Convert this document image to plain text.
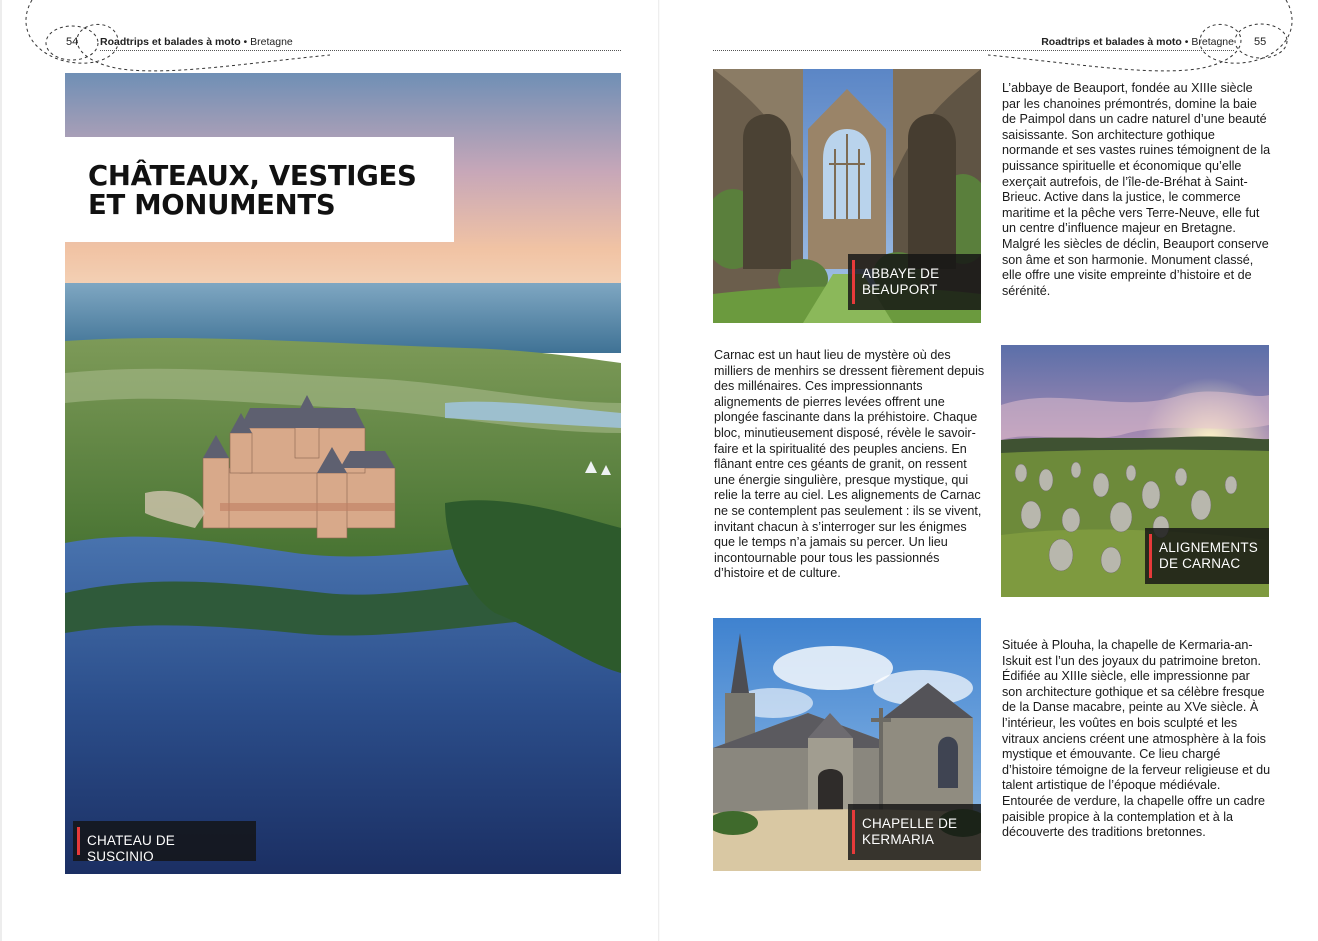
54 Roadtrips et balades à moto • Bretagne	Roadtrips et balades à moto • Bretagne 55
CHÂTEAUX, VESTIGES
ET MONUMENTS
CHATEAU DE SUSCINIO
ABBAYE DE
BEAUPORT
L’abbaye de Beauport, fondée au XIIIe siècle par les chanoines prémontrés, domine la baie de Paimpol dans un cadre naturel d’une beauté saisissante. Son architecture gothique normande et ses vastes ruines témoignent de la puissance spirituelle et économique qu’elle exerçait autrefois, de l’île-de-Bréhat à Saint-Brieuc. Active dans la justice, le commerce maritime et la pêche vers Terre-Neuve, elle fut un centre d’influence majeur en Bretagne. Malgré les siècles de déclin, Beauport conserve son âme et son harmonie. Monument classé, elle offre une visite empreinte d’histoire et de sérénité.
Carnac est un haut lieu de mystère où des milliers de menhirs se dressent fièrement depuis des millénaires. Ces impressionnants alignements de pierres levées offrent une plongée fascinante dans la préhistoire. Chaque bloc, minutieusement disposé, révèle le savoir-faire et la spiritualité des peuples anciens. En flânant entre ces géants de granit, on ressent une énergie singulière, presque mystique, qui relie la terre au ciel. Les alignements de Carnac ne se contemplent pas seulement : ils se vivent, invitant chacun à s’interroger sur les énigmes que le temps n’a jamais su percer. Un lieu incontournable pour tous les passionnés d’histoire et de culture.
ALIGNEMENTS
DE CARNAC
CHAPELLE DE
KERMARIA
Située à Plouha, la chapelle de Kermaria-an-Iskuit est l’un des joyaux du patrimoine breton. Édifiée au XIIIe siècle, elle impressionne par son architecture gothique et sa célèbre fresque de la Danse macabre, peinte au XVe siècle. À l’intérieur, les voûtes en bois sculpté et les vitraux anciens créent une atmosphère à la fois mystique et émouvante. Ce lieu chargé d’histoire témoigne de la ferveur religieuse et du talent artistique de l’époque médiévale. Entourée de verdure, la chapelle offre un cadre paisible propice à la contemplation et à la découverte des traditions bretonnes.
